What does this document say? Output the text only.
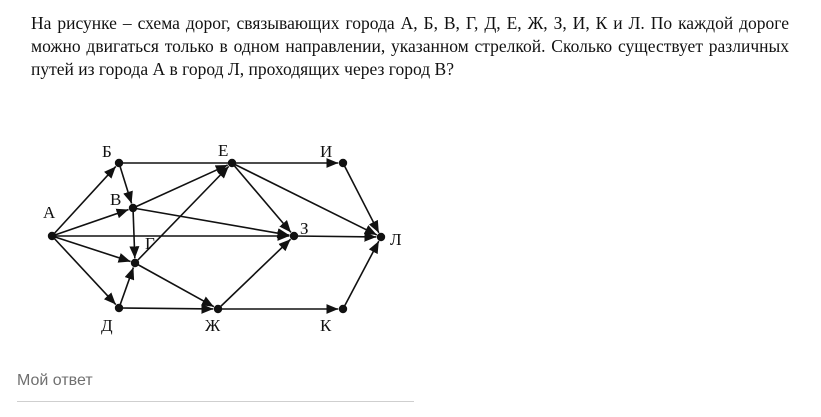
На рисунке – схема дорог, связывающих города А, Б, В, Г, Д, Е, Ж, З, И, К и Л. По каждой дороге можно двигаться только в одном направлении, указанном стрелкой. Сколько существует различных путей из города А в город Л, проходящих через город В?

А
Б
В
Г
Д
Е
Ж
З
И
К
Л
Мой ответ
